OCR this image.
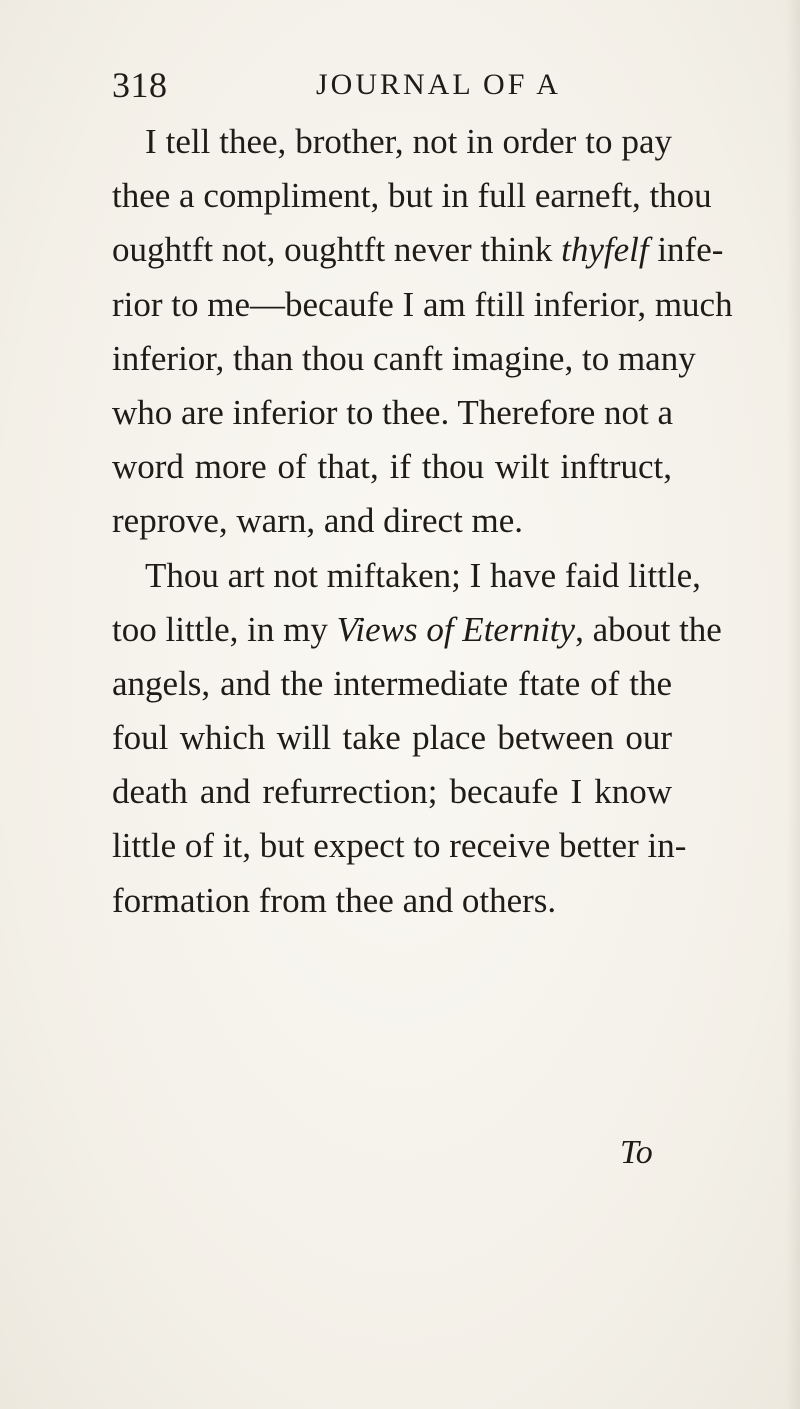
318	JOURNAL OF A
I tell thee, brother, not in order to pay
thee a compliment, but in full earneft, thou
oughtft not, oughtft never think thyfelf infe-
rior to me—becaufe I am ftill inferior, much
inferior, than thou canft imagine, to many
who are inferior to thee. Therefore not a
word more of that, if thou wilt inftruct,
reprove, warn, and direct me.
Thou art not miftaken; I have faid little,
too little, in my Views of Eternity, about the
angels, and the intermediate ftate of the
foul which will take place between our
death and refurrection; becaufe I know
little of it, but expect to receive better in-
formation from thee and others.
To
